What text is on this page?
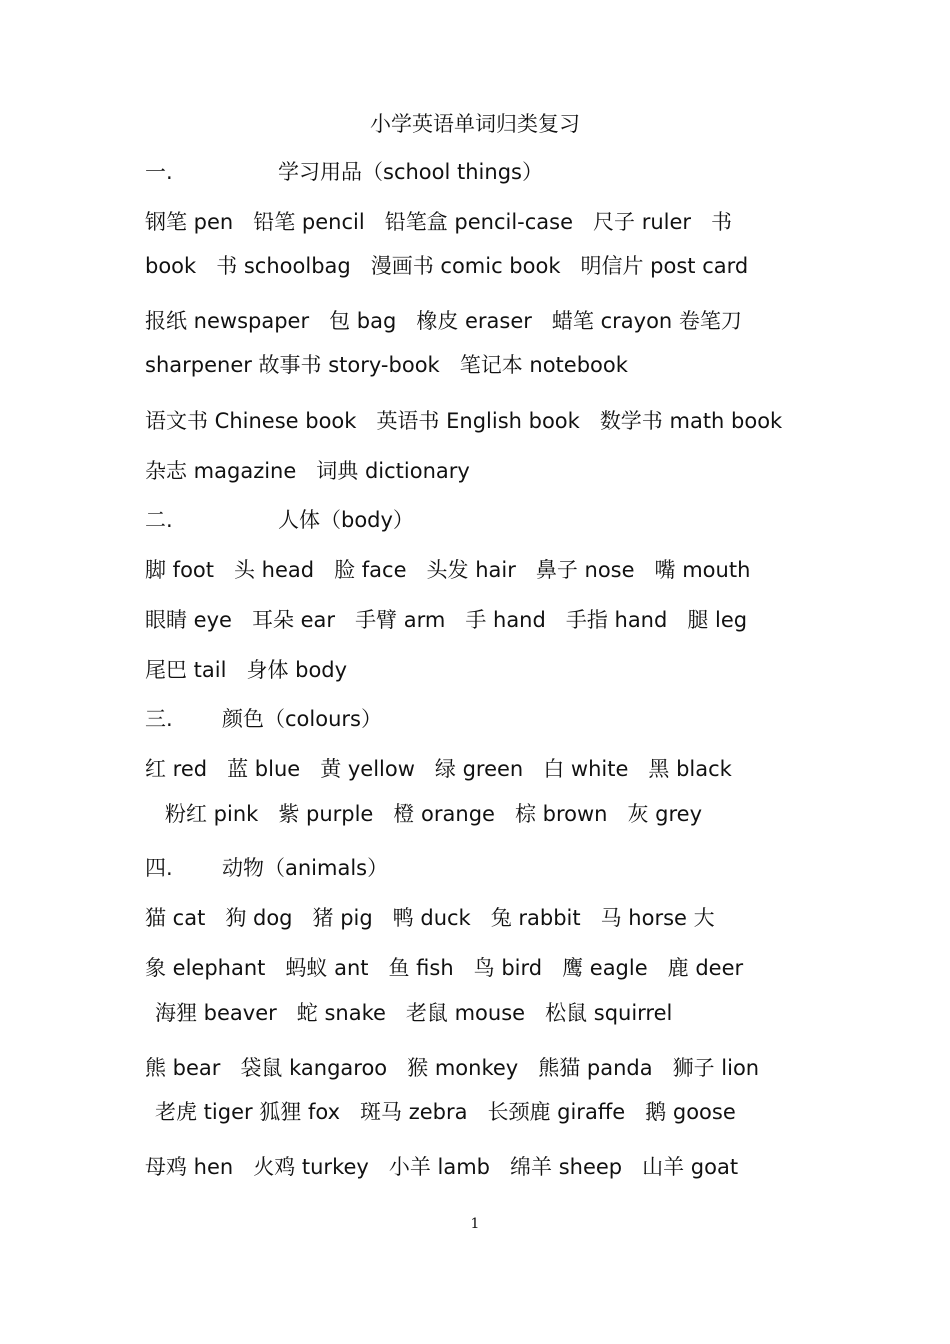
小学英语单词归类复习
一.	学习用品（school things）
钢笔 pen 铅笔 pencil 铅笔盒 pencil-case 尺子 ruler 书
book 书 schoolbag 漫画书 comic book 明信片 post card
报纸 newspaper 包 bag 橡皮 eraser 蜡笔 crayon 卷笔刀
sharpener 故事书 story-book 笔记本 notebook
语文书 Chinese book 英语书 English book 数学书 math book
杂志 magazine 词典 dictionary
二.	人体（body）
脚 foot 头 head 脸 face 头发 hair 鼻子 nose 嘴 mouth
眼睛 eye 耳朵 ear 手臂 arm 手 hand 手指 hand 腿 leg
尾巴 tail 身体 body
三. 颜色（colours）
红 red 蓝 blue 黄 yellow 绿 green 白 white 黑 black
粉红 pink 紫 purple 橙 orange 棕 brown 灰 grey
四. 动物（animals）
猫 cat 狗 dog 猪 pig 鸭 duck 兔 rabbit 马 horse 大
象 elephant 蚂蚁 ant 鱼 fish 鸟 bird 鹰 eagle 鹿 deer
海狸 beaver 蛇 snake 老鼠 mouse 松鼠 squirrel
熊 bear 袋鼠 kangaroo 猴 monkey 熊猫 panda 狮子 lion
老虎 tiger 狐狸 fox 斑马 zebra 长颈鹿 giraffe 鹅 goose
母鸡 hen 火鸡 turkey 小羊 lamb 绵羊 sheep 山羊 goat
1
